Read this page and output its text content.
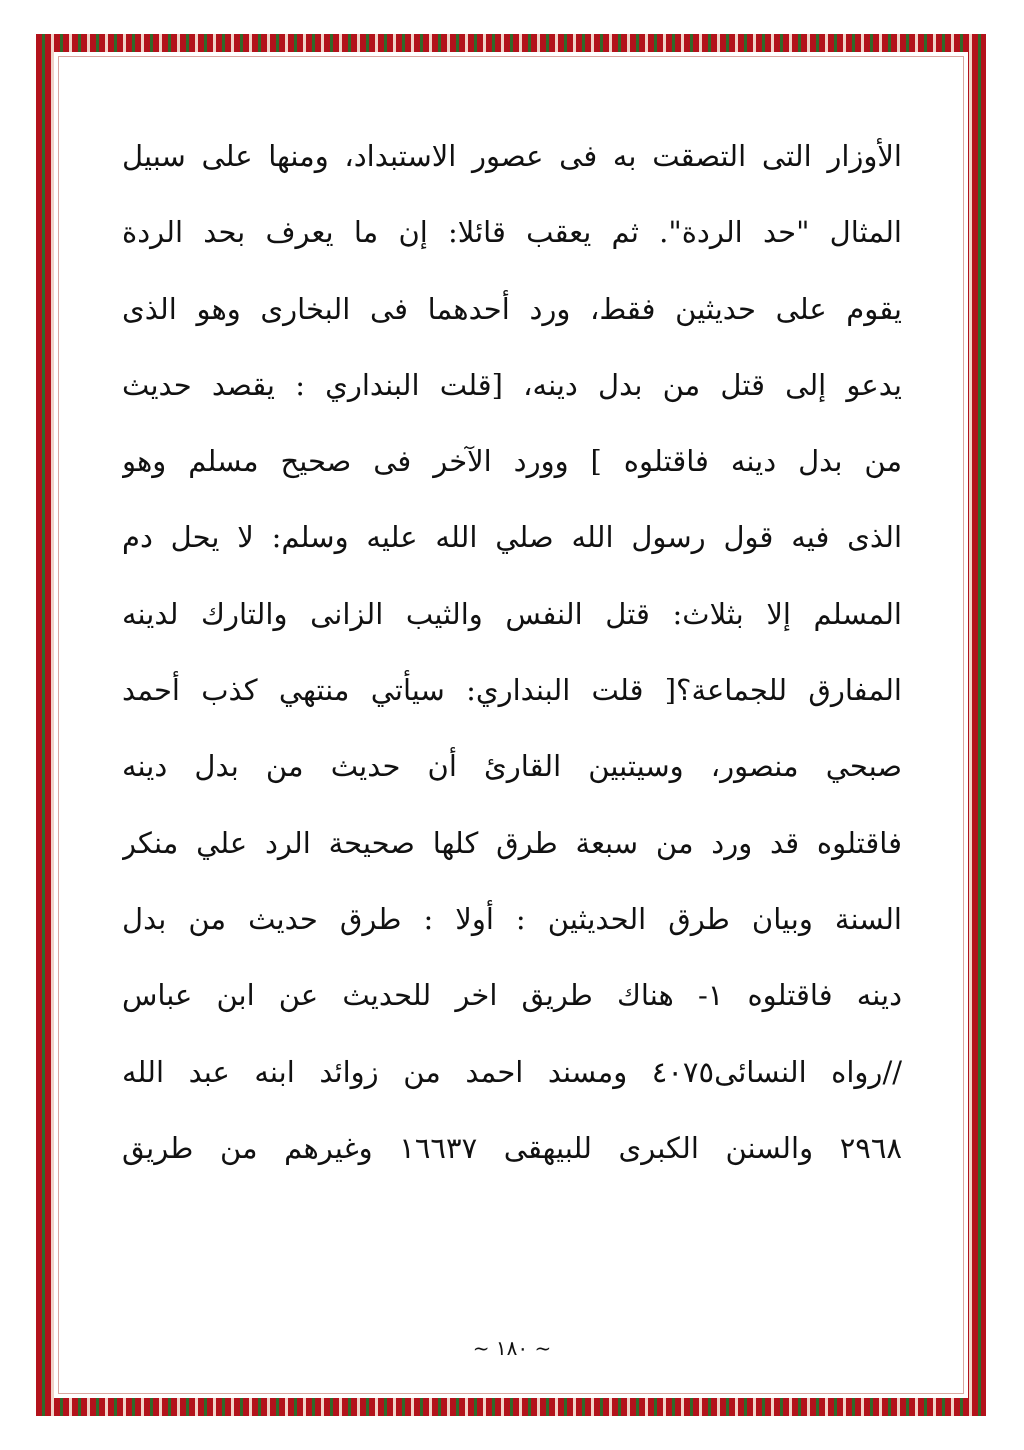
الأوزار التى التصقت به فى عصور الاستبداد، ومنها على سبيل
المثال "حد الردة". ثم يعقب قائلا: إن ما يعرف بحد الردة
يقوم على حديثين فقط، ورد أحدهما فى البخارى وهو الذى
يدعو إلى قتل من بدل دينه، [قلت البنداري : يقصد حديث
من بدل دينه فاقتلوه ] وورد الآخر فى صحيح مسلم وهو
الذى فيه قول رسول الله صلي الله عليه وسلم: لا يحل دم
المسلم إلا بثلاث: قتل النفس والثيب الزانى والتارك لدينه
المفارق للجماعة؟[ قلت البنداري: سيأتي منتهي كذب أحمد
صبحي منصور، وسيتبين القارئ أن حديث من بدل دينه
فاقتلوه قد ورد من سبعة طرق كلها صحيحة الرد علي منكر
السنة وبيان طرق الحديثين : أولا : طرق حديث من بدل
دينه فاقتلوه ١- هناك طريق اخر للحديث عن ابن عباس
//رواه النسائى٤٠٧٥ ومسند احمد من زوائد ابنه عبد الله
٢٩٦٨ والسنن الكبرى للبيهقى ١٦٦٣٧ وغيرهم من طريق
~ ١٨٠ ~
